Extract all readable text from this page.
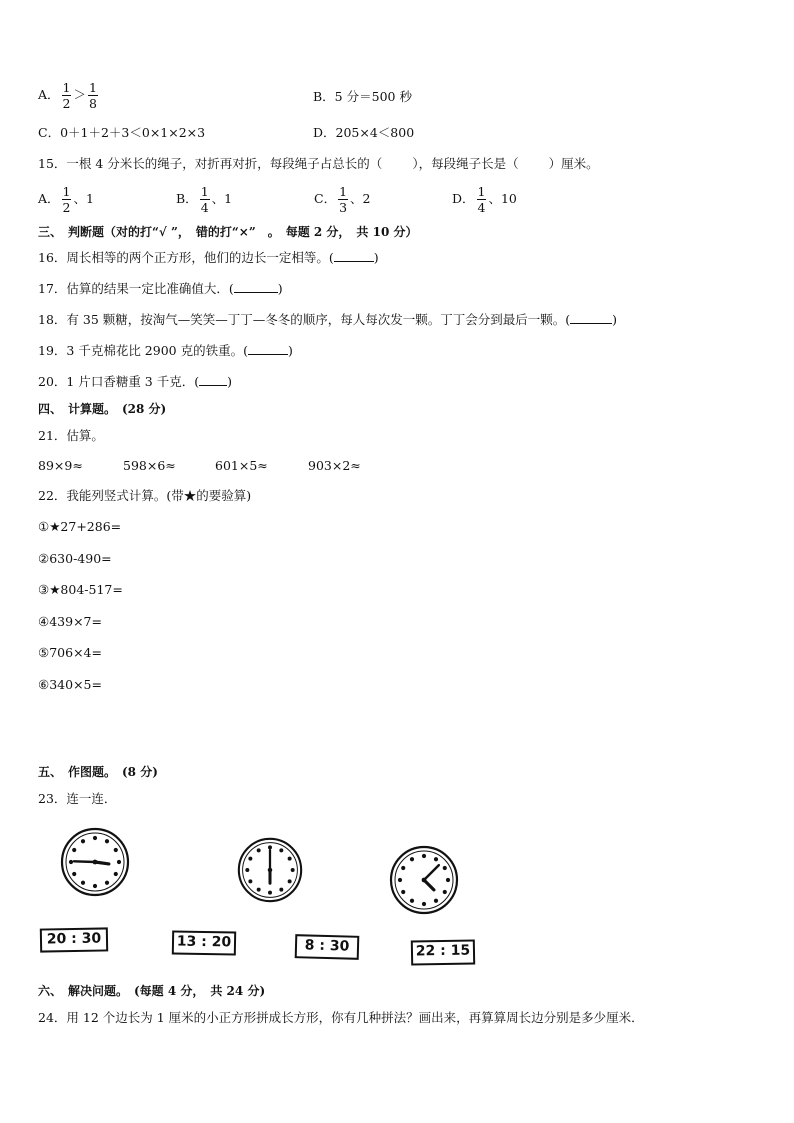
A． $\frac{1}{2} > \frac{1}{8}$	B．5 分＝500 秒
C．0＋1＋2＋3＜0×1×2×3	D．205×4＜800
15．一根 4 分米长的绳子，对折再对折，每段绳子占总长的（ ），每段绳子长是（ ）厘米。
A． $\frac{1}{2}$ 、1	B． $\frac{1}{4}$ 、1	C． $\frac{1}{3}$ 、2	D． $\frac{1}{4}$ 、10
三、　判断题（对的打“√ ”，　错的打“×”　。　每题 2 分，　共 10 分）
16．周长相等的两个正方形，他们的边长一定相等。(	)
17．估算的结果一定比准确值大．(	)
18．有 35 颗糖，按淘气—笑笑—丁丁—冬冬的顺序，每人每次发一颗。丁丁会分到最后一颗。(	)
19．3 千克棉花比 2900 克的铁重。(	)
20．1 片口香糖重 3 千克．( )
四、　计算题。　(28 分)
21．估算。
89×9≈	598×6≈	601×5≈	903×2≈
22．我能列竖式计算。(带★的要验算)
①★27+286=
②630-490=
③★804-517=
④439×7=
⑤706×4=
⑥340×5=
五、　作图题。　(8 分)
23．连一连．
20 : 30	13 : 20	8 : 30	22 : 15
六、　解决问题。　(每题 4 分，　共 24 分)
24．用 12 个边长为 1 厘米的小正方形拼成长方形，你有几种拼法？画出来，再算算周长边分别是多少厘米．
